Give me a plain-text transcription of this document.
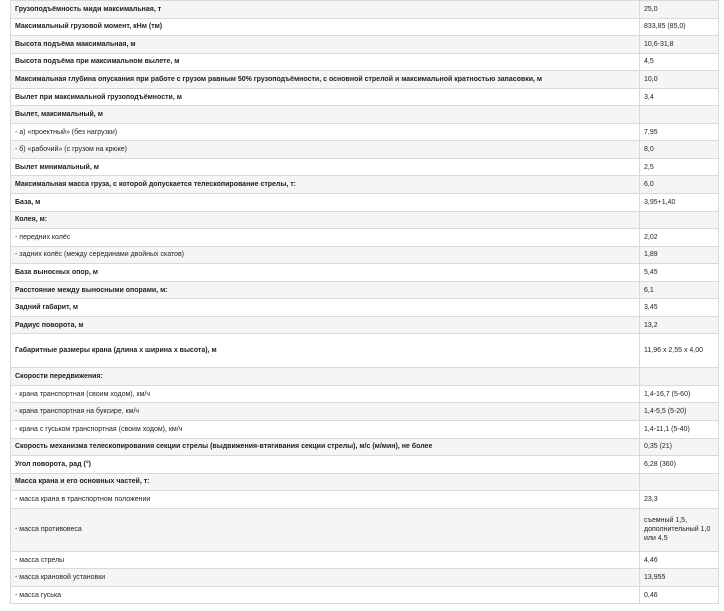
Грузоподъёмность миди максимальная, т	25,0
Максимальный грузовой момент, кНм (тм)	833,85 (85,0)
Высота подъёма максимальная, м	10,6-31,8
Высота подъёма при максимальном вылете, м	4,5
Максимальная глубина опускания при работе с грузом равным 50% грузоподъёмности, с основной стрелой и максимальной кратностью запасовки, м	10,0
Вылет при максимальной грузоподъёмности, м	3,4
Вылет, максимальный, м	
- а) «проектный» (без нагрузки)	7,95
- б) «рабочий» (с грузом на крюке)	8,0
Вылет минимальный, м	2,5
Максимальная масса груза, с которой допускается телескопирование стрелы, т:	6,0
База, м	3,95+1,40
Колея, м:	
- передних колёс	2,02
- задних колёс (между серединами двойных скатов)	1,89
База выносных опор, м	5,45
Расстояние между выносными опорами, м:	6,1
Задний габарит, м	3,45
Радиус поворота, м	13,2
Габаритные размеры крана (длина x ширина x высота), м	11,96 x 2,55 x 4,00
Скорости передвижения:	
- крана транспортная (своим ходом), км/ч	1,4-16,7 (5-60)
- крана транспортная на буксире, км/ч	1,4-5,5 (5-20)
- крана с гуськом транспортная (своим ходом), км/ч	1,4-11,1 (5-40)
Скорость механизма телескопирования секции стрелы (выдвижения-втягивания секции стрелы), м/с (м/мин), не более	0,35 (21)
Угол поворота, рад (°)	6,28 (360)
Масса крана и его основных частей, т:	
- масса крана в транспортном положении	23,3
- масса противовеса	съемный 1,5, дополнительный 1,0 или 4,5
- масса стрелы	4,46
- масса крановой установки	13,955
- масса гуська	0,46
